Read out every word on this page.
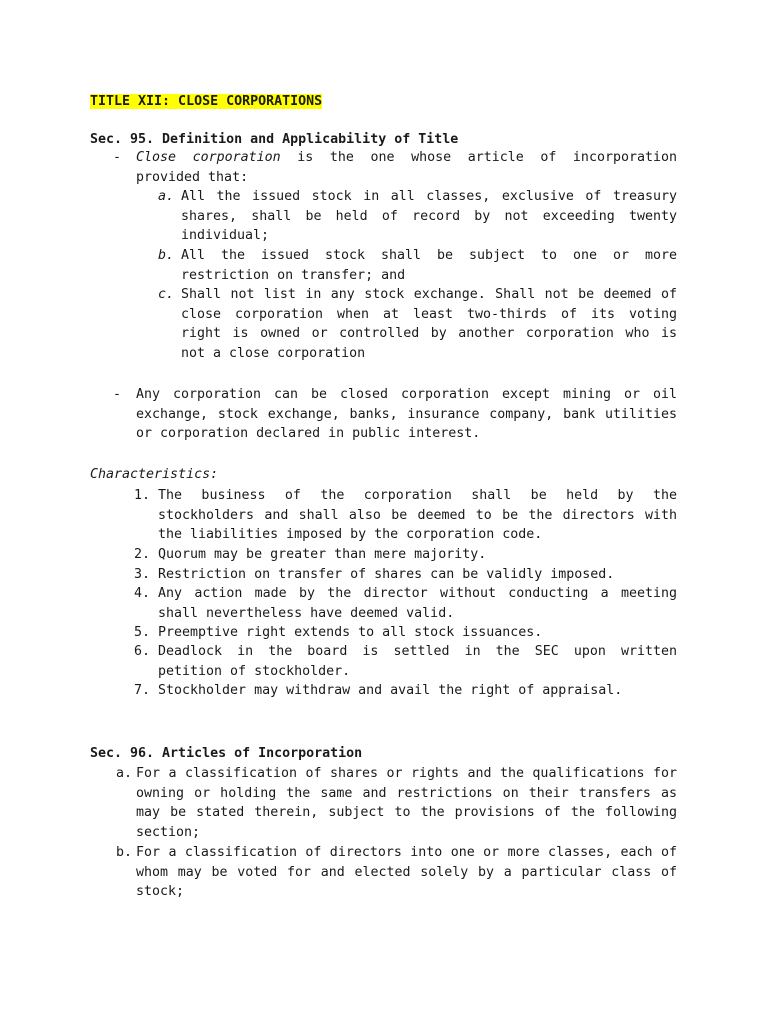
TITLE XII: CLOSE CORPORATIONS
Sec. 95. Definition and Applicability of Title
- Close corporation is the one whose article of incorporation provided that:
a. All the issued stock in all classes, exclusive of treasury shares, shall be held of record by not exceeding twenty individual;
b. All the issued stock shall be subject to one or more restriction on transfer; and
c. Shall not list in any stock exchange. Shall not be deemed of close corporation when at least two-thirds of its voting right is owned or controlled by another corporation who is not a close corporation
- Any corporation can be closed corporation except mining or oil exchange, stock exchange, banks, insurance company, bank utilities or corporation declared in public interest.
Characteristics:
1. The business of the corporation shall be held by the stockholders and shall also be deemed to be the directors with the liabilities imposed by the corporation code.
2. Quorum may be greater than mere majority.
3. Restriction on transfer of shares can be validly imposed.
4. Any action made by the director without conducting a meeting shall nevertheless have deemed valid.
5. Preemptive right extends to all stock issuances.
6. Deadlock in the board is settled in the SEC upon written petition of stockholder.
7. Stockholder may withdraw and avail the right of appraisal.
Sec. 96. Articles of Incorporation
a. For a classification of shares or rights and the qualifications for owning or holding the same and restrictions on their transfers as may be stated therein, subject to the provisions of the following section;
b. For a classification of directors into one or more classes, each of whom may be voted for and elected solely by a particular class of stock;
